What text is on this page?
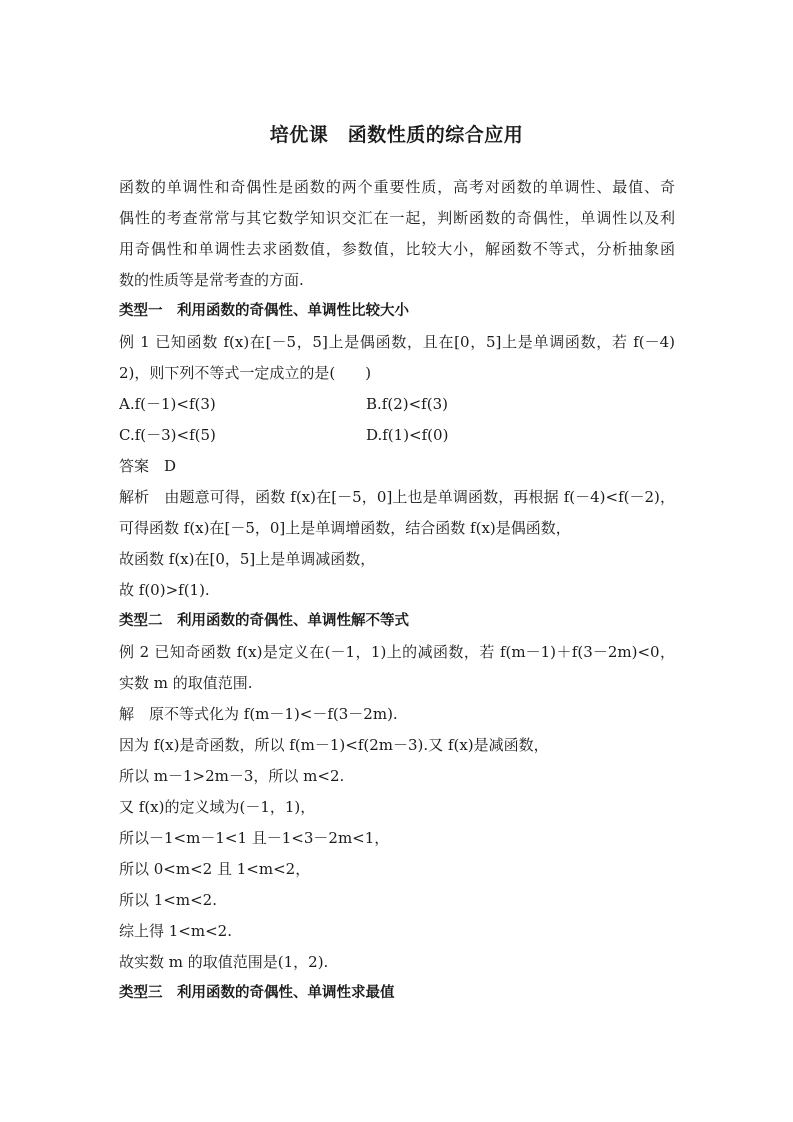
培优课　函数性质的综合应用
函数的单调性和奇偶性是函数的两个重要性质，高考对函数的单调性、最值、奇
偶性的考查常常与其它数学知识交汇在一起，判断函数的奇偶性，单调性以及利
用奇偶性和单调性去求函数值，参数值，比较大小，解函数不等式，分析抽象函
数的性质等是常考查的方面.
类型一　利用函数的奇偶性、单调性比较大小
例 1 已知函数 f(x)在[－5，5]上是偶函数，且在[0，5]上是单调函数，若 f(－4)
2)，则下列不等式一定成立的是(　　)
A.f(－1)<f(3)	B.f(2)<f(3)
C.f(－3)<f(5)	D.f(1)<f(0)
答案　D
解析　由题意可得，函数 f(x)在[－5，0]上也是单调函数，再根据 f(－4)<f(－2)，
可得函数 f(x)在[－5，0]上是单调增函数，结合函数 f(x)是偶函数，
故函数 f(x)在[0，5]上是单调减函数，
故 f(0)>f(1).
类型二　利用函数的奇偶性、单调性解不等式
例 2 已知奇函数 f(x)是定义在(－1，1)上的减函数，若 f(m－1)＋f(3－2m)<0，
实数 m 的取值范围.
解　原不等式化为 f(m－1)<－f(3－2m).
因为 f(x)是奇函数，所以 f(m－1)<f(2m－3).又 f(x)是减函数，
所以 m－1>2m－3，所以 m<2.
又 f(x)的定义域为(－1，1)，
所以－1<m－1<1 且－1<3－2m<1，
所以 0<m<2 且 1<m<2，
所以 1<m<2.
综上得 1<m<2.
故实数 m 的取值范围是(1，2).
类型三　利用函数的奇偶性、单调性求最值
